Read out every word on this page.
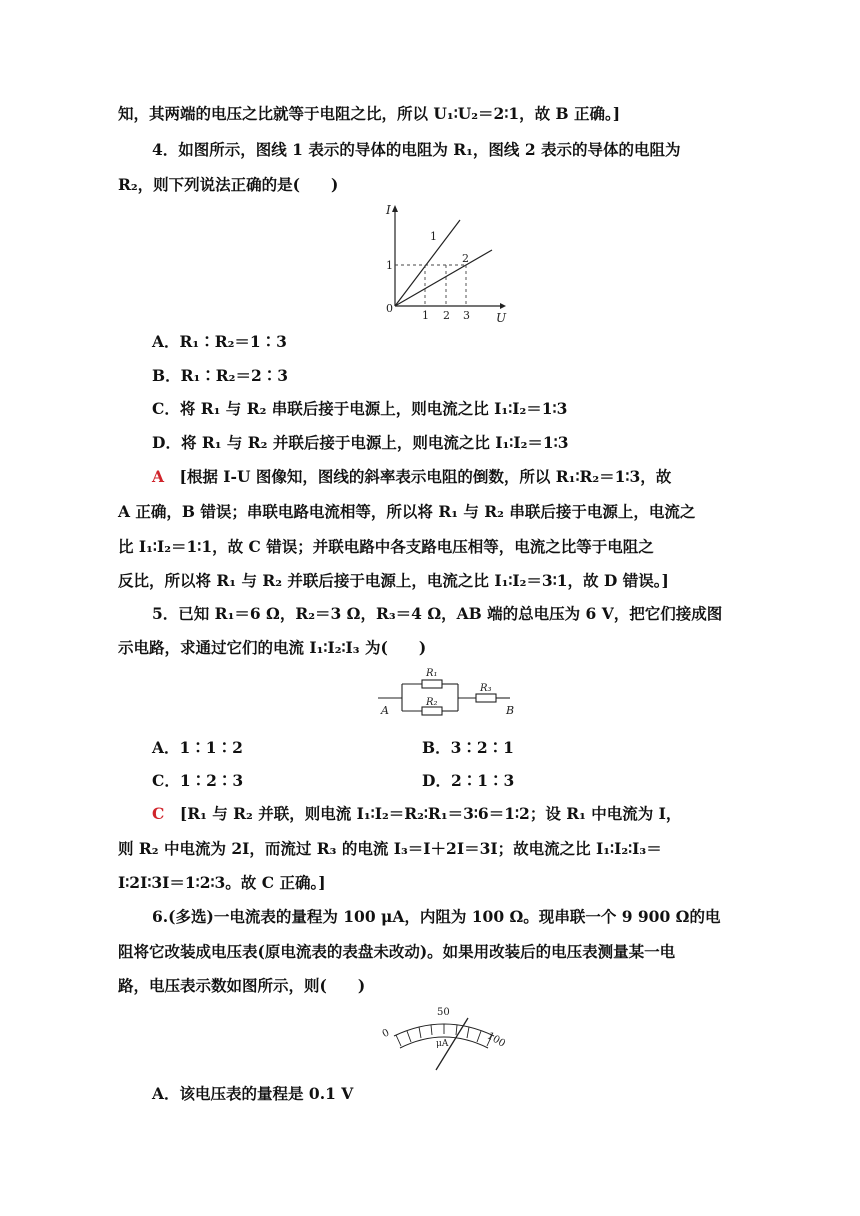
知，其两端的电压之比就等于电阻之比，所以 U₁∶U₂＝2∶1，故 B 正确。]
4．如图所示，图线 1 表示的导体的电阻为 R₁，图线 2 表示的导体的电阻为
R₂，则下列说法正确的是(　　)
I
U
0
1
1 2 3
1
2
A．R₁∶R₂＝1∶3
B．R₁∶R₂＝2∶3
C．将 R₁ 与 R₂ 串联后接于电源上，则电流之比 I₁∶I₂＝1∶3
D．将 R₁ 与 R₂ 并联后接于电源上，则电流之比 I₁∶I₂＝1∶3
A　 [根据 I-U 图像知，图线的斜率表示电阻的倒数，所以 R₁∶R₂＝1∶3，故
A 正确，B 错误；串联电路电流相等，所以将 R₁ 与 R₂ 串联后接于电源上，电流之
比 I₁∶I₂＝1∶1，故 C 错误；并联电路中各支路电压相等，电流之比等于电阻之
反比，所以将 R₁ 与 R₂ 并联后接于电源上，电流之比 I₁∶I₂＝3∶1，故 D 错误。]
5．已知 R₁＝6 Ω，R₂＝3 Ω，R₃＝4 Ω，AB 端的总电压为 6 V，把它们接成图
示电路，求通过它们的电流 I₁∶I₂∶I₃ 为(　　)
R₁
R₂
R₃
A	B
A．1∶1∶2	B．3∶2∶1
C．1∶2∶3	D．2∶1∶3
C　 [R₁ 与 R₂ 并联，则电流 I₁∶I₂＝R₂∶R₁＝3∶6＝1∶2；设 R₁ 中电流为 I，
则 R₂ 中电流为 2I，而流过 R₃ 的电流 I₃＝I＋2I＝3I；故电流之比 I₁∶I₂∶I₃＝
I∶2I∶3I＝1∶2∶3。故 C 正确。]
6.(多选)一电流表的量程为 100 μA，内阻为 100 Ω。现串联一个 9 900 Ω的电
阻将它改装成电压表(原电流表的表盘未改动)。如果用改装后的电压表测量某一电
路，电压表示数如图所示，则(　　)
0
50
100
μA
A．该电压表的量程是 0.1 V
